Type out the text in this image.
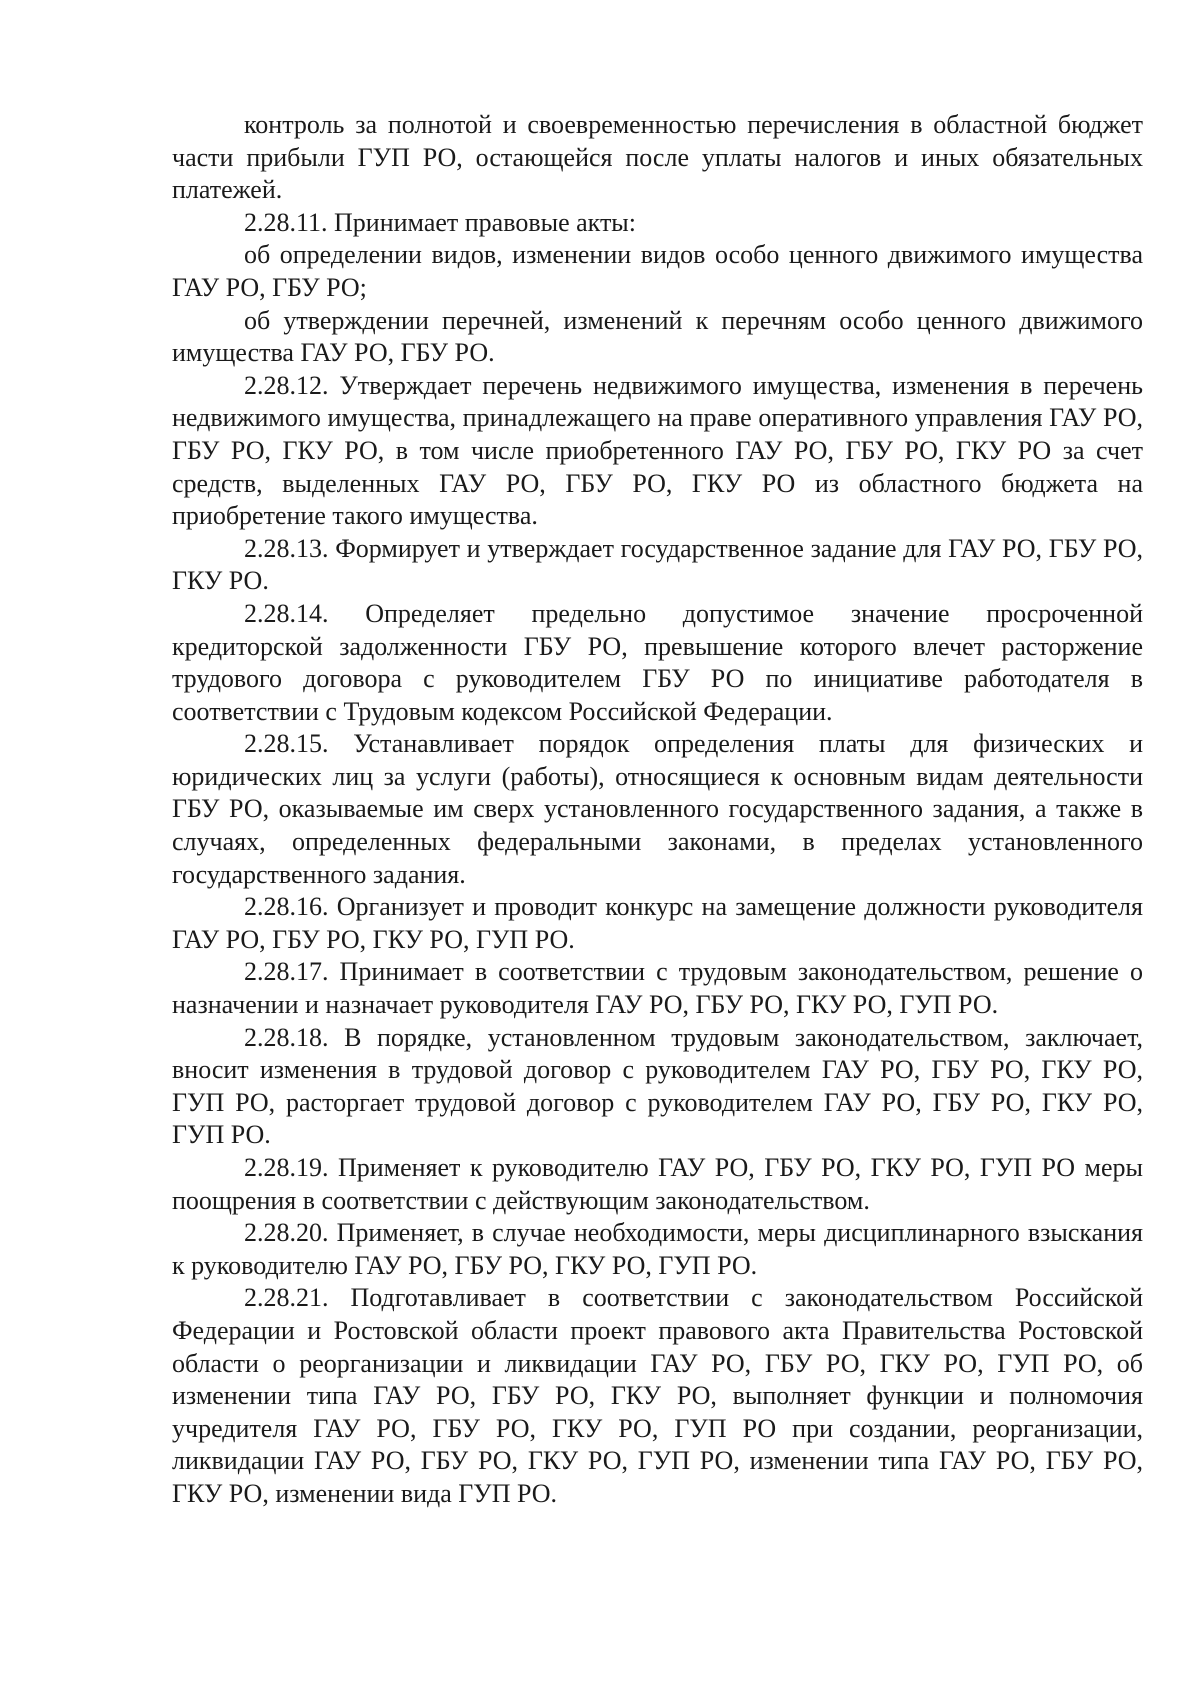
контроль за полнотой и своевременностью перечисления в областной бюджет части прибыли ГУП РО, остающейся после уплаты налогов и иных обязательных платежей.

2.28.11. Принимает правовые акты:

об определении видов, изменении видов особо ценного движимого имущества ГАУ РО, ГБУ РО;

об утверждении перечней, изменений к перечням особо ценного движимого имущества ГАУ РО, ГБУ РО.

2.28.12. Утверждает перечень недвижимого имущества, изменения в перечень недвижимого имущества, принадлежащего на праве оперативного управления ГАУ РО, ГБУ РО, ГКУ РО, в том числе приобретенного ГАУ РО, ГБУ РО, ГКУ РО за счет средств, выделенных ГАУ РО, ГБУ РО, ГКУ РО из областного бюджета на приобретение такого имущества.

2.28.13. Формирует и утверждает государственное задание для ГАУ РО, ГБУ РО, ГКУ РО.

2.28.14. Определяет предельно допустимое значение просроченной кредиторской задолженности ГБУ РО, превышение которого влечет расторжение трудового договора с руководителем ГБУ РО по инициативе работодателя в соответствии с Трудовым кодексом Российской Федерации.

2.28.15. Устанавливает порядок определения платы для физических и юридических лиц за услуги (работы), относящиеся к основным видам деятельности ГБУ РО, оказываемые им сверх установленного государственного задания, а также в случаях, определенных федеральными законами, в пределах установленного государственного задания.

2.28.16. Организует и проводит конкурс на замещение должности руководителя ГАУ РО, ГБУ РО, ГКУ РО, ГУП РО.

2.28.17. Принимает в соответствии с трудовым законодательством, решение о назначении и назначает руководителя ГАУ РО, ГБУ РО, ГКУ РО, ГУП РО.

2.28.18. В порядке, установленном трудовым законодательством, заключает, вносит изменения в трудовой договор с руководителем ГАУ РО, ГБУ РО, ГКУ РО, ГУП РО, расторгает трудовой договор с руководителем ГАУ РО, ГБУ РО, ГКУ РО, ГУП РО.

2.28.19. Применяет к руководителю ГАУ РО, ГБУ РО, ГКУ РО, ГУП РО меры поощрения в соответствии с действующим законодательством.

2.28.20. Применяет, в случае необходимости, меры дисциплинарного взыскания к руководителю ГАУ РО, ГБУ РО, ГКУ РО, ГУП РО.

2.28.21. Подготавливает в соответствии с законодательством Российской Федерации и Ростовской области проект правового акта Правительства Ростовской области о реорганизации и ликвидации ГАУ РО, ГБУ РО, ГКУ РО, ГУП РО, об изменении типа ГАУ РО, ГБУ РО, ГКУ РО, выполняет функции и полномочия учредителя ГАУ РО, ГБУ РО, ГКУ РО, ГУП РО при создании, реорганизации, ликвидации ГАУ РО, ГБУ РО, ГКУ РО, ГУП РО, изменении типа ГАУ РО, ГБУ РО, ГКУ РО, изменении вида ГУП РО.
